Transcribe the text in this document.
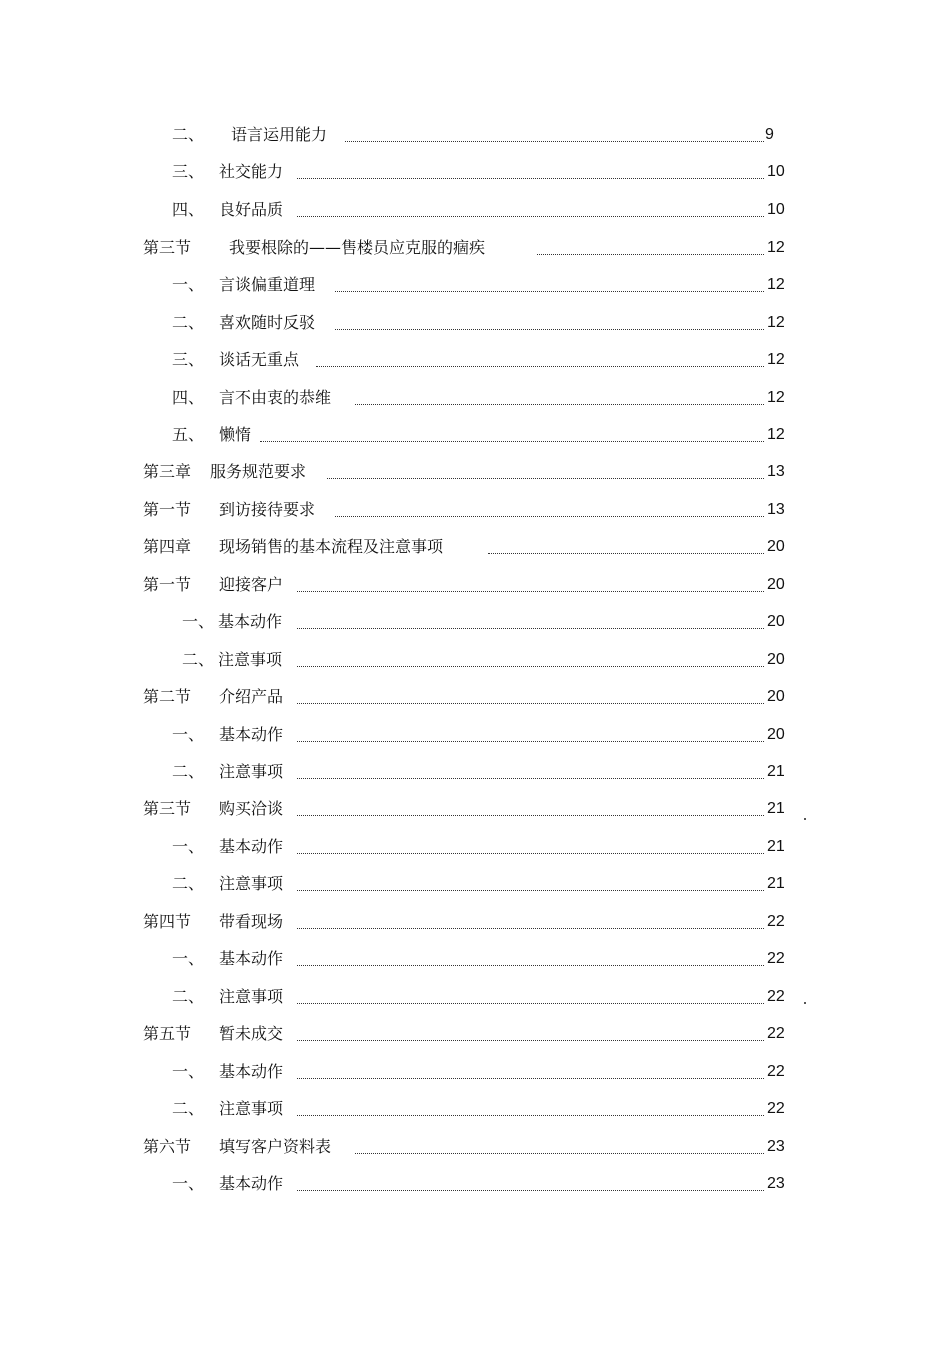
二、 语言运用能力	9
三、 社交能力	10
四、 良好品质	10
第三节 我要根除的——售楼员应克服的痼疾	12
一、 言谈偏重道理	12
二、 喜欢随时反驳	12
三、 谈话无重点	12
四、 言不由衷的恭维	12
五、 懒惰	12
第三章 服务规范要求	13
第一节 到访接待要求	13
第四章 现场销售的基本流程及注意事项	20
第一节 迎接客户	20
一、 基本动作	20
二、 注意事项	20
第二节 介绍产品	20
一、 基本动作	20
二、 注意事项	21
第三节 购买洽谈	21
一、 基本动作	21
二、 注意事项	21
第四节 带看现场	22
一、 基本动作	22
二、 注意事项	22
第五节 暂未成交	22
一、 基本动作	22
二、 注意事项	22
第六节 填写客户资料表	23
一、 基本动作	23
